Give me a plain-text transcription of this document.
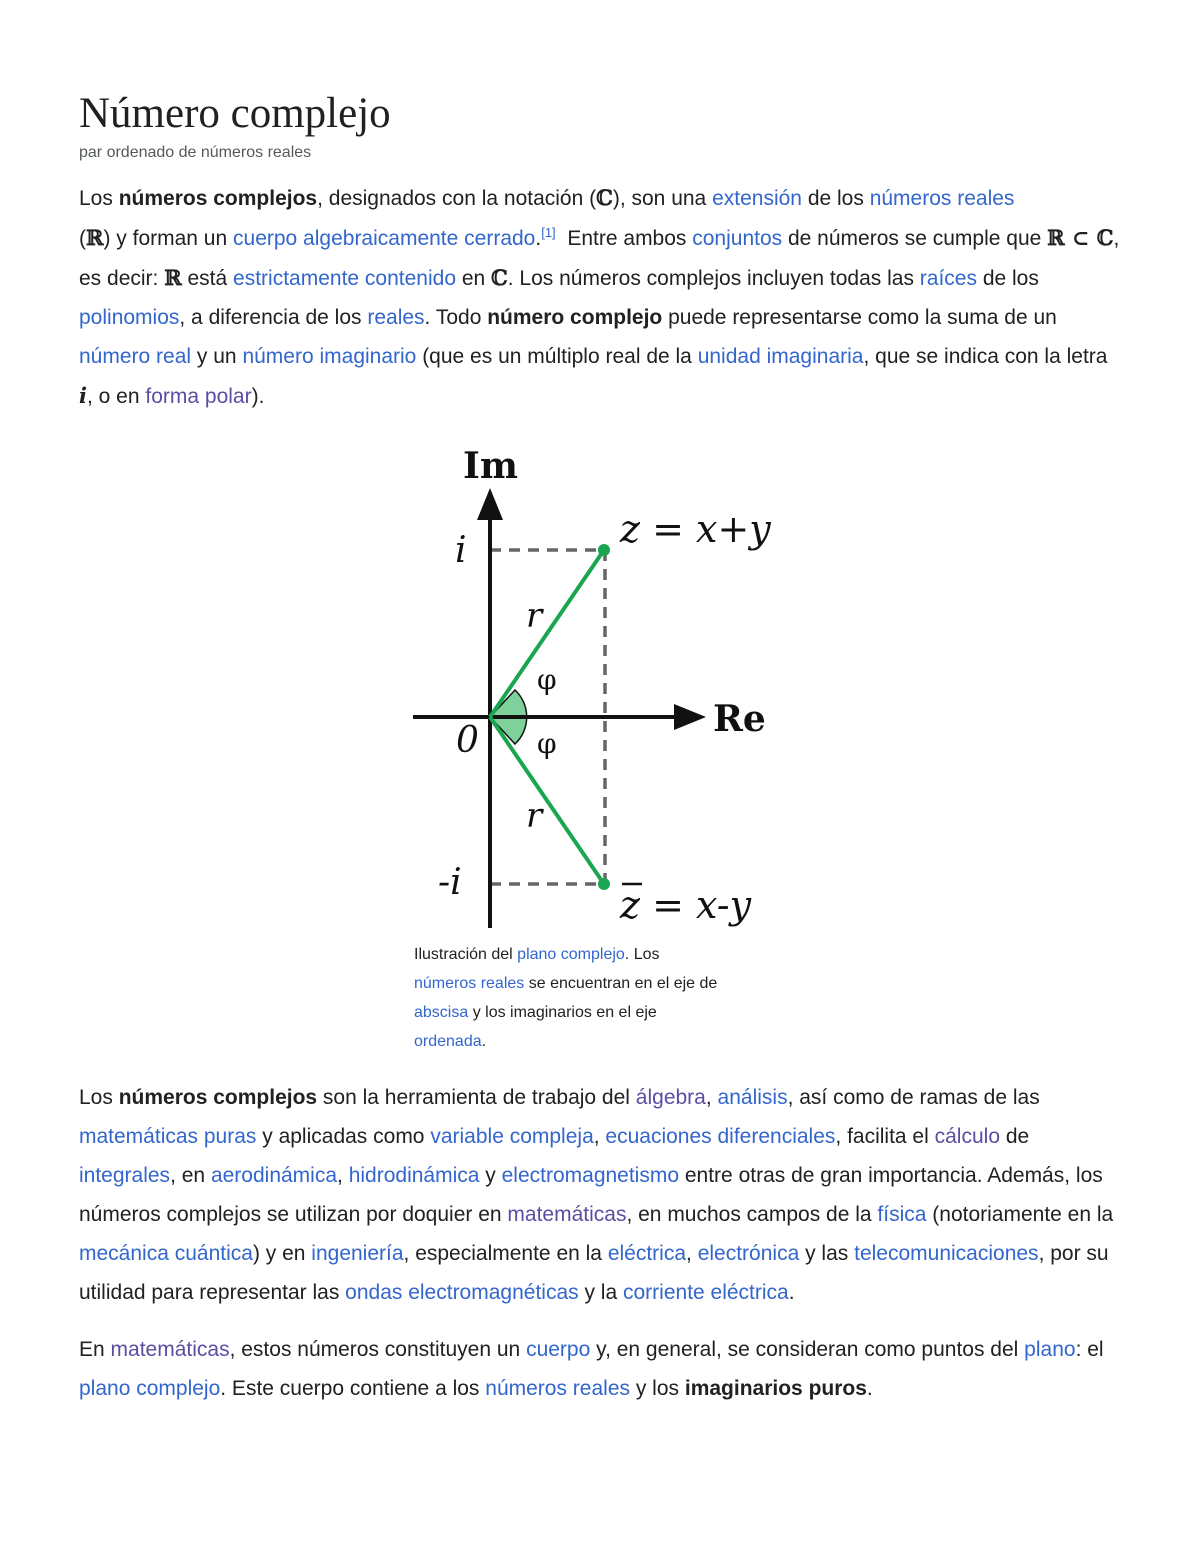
Número complejo
par ordenado de números reales

Los números complejos, designados con la notación (ℂ), son una extensión de los números reales
(ℝ) y forman un cuerpo algebraicamente cerrado.[1]  Entre ambos conjuntos de números se cumple que ℝ ⊂ ℂ, es decir: ℝ está estrictamente contenido en ℂ. Los números complejos incluyen todas las raíces de los polinomios, a diferencia de los reales. Todo número complejo puede representarse como la suma de un número real y un número imaginario (que es un múltiplo real de la unidad imaginaria, que se indica con la letra i, o en forma polar).

Im
Re
i
-i
0
r
r
φ
φ
z = x+y
z = x-y
Ilustración del plano complejo. Los
números reales se encuentran en el eje de
abscisa y los imaginarios en el eje
ordenada.

Los números complejos son la herramienta de trabajo del álgebra, análisis, así como de ramas de las matemáticas puras y aplicadas como variable compleja, ecuaciones diferenciales, facilita el cálculo de integrales, en aerodinámica, hidrodinámica y electromagnetismo entre otras de gran importancia. Además, los números complejos se utilizan por doquier en matemáticas, en muchos campos de la física (notoriamente en la mecánica cuántica) y en ingeniería, especialmente en la eléctrica, electrónica y las telecomunicaciones, por su utilidad para representar las ondas electromagnéticas y la corriente eléctrica.

En matemáticas, estos números constituyen un cuerpo y, en general, se consideran como puntos del plano: el plano complejo. Este cuerpo contiene a los números reales y los imaginarios puros.
